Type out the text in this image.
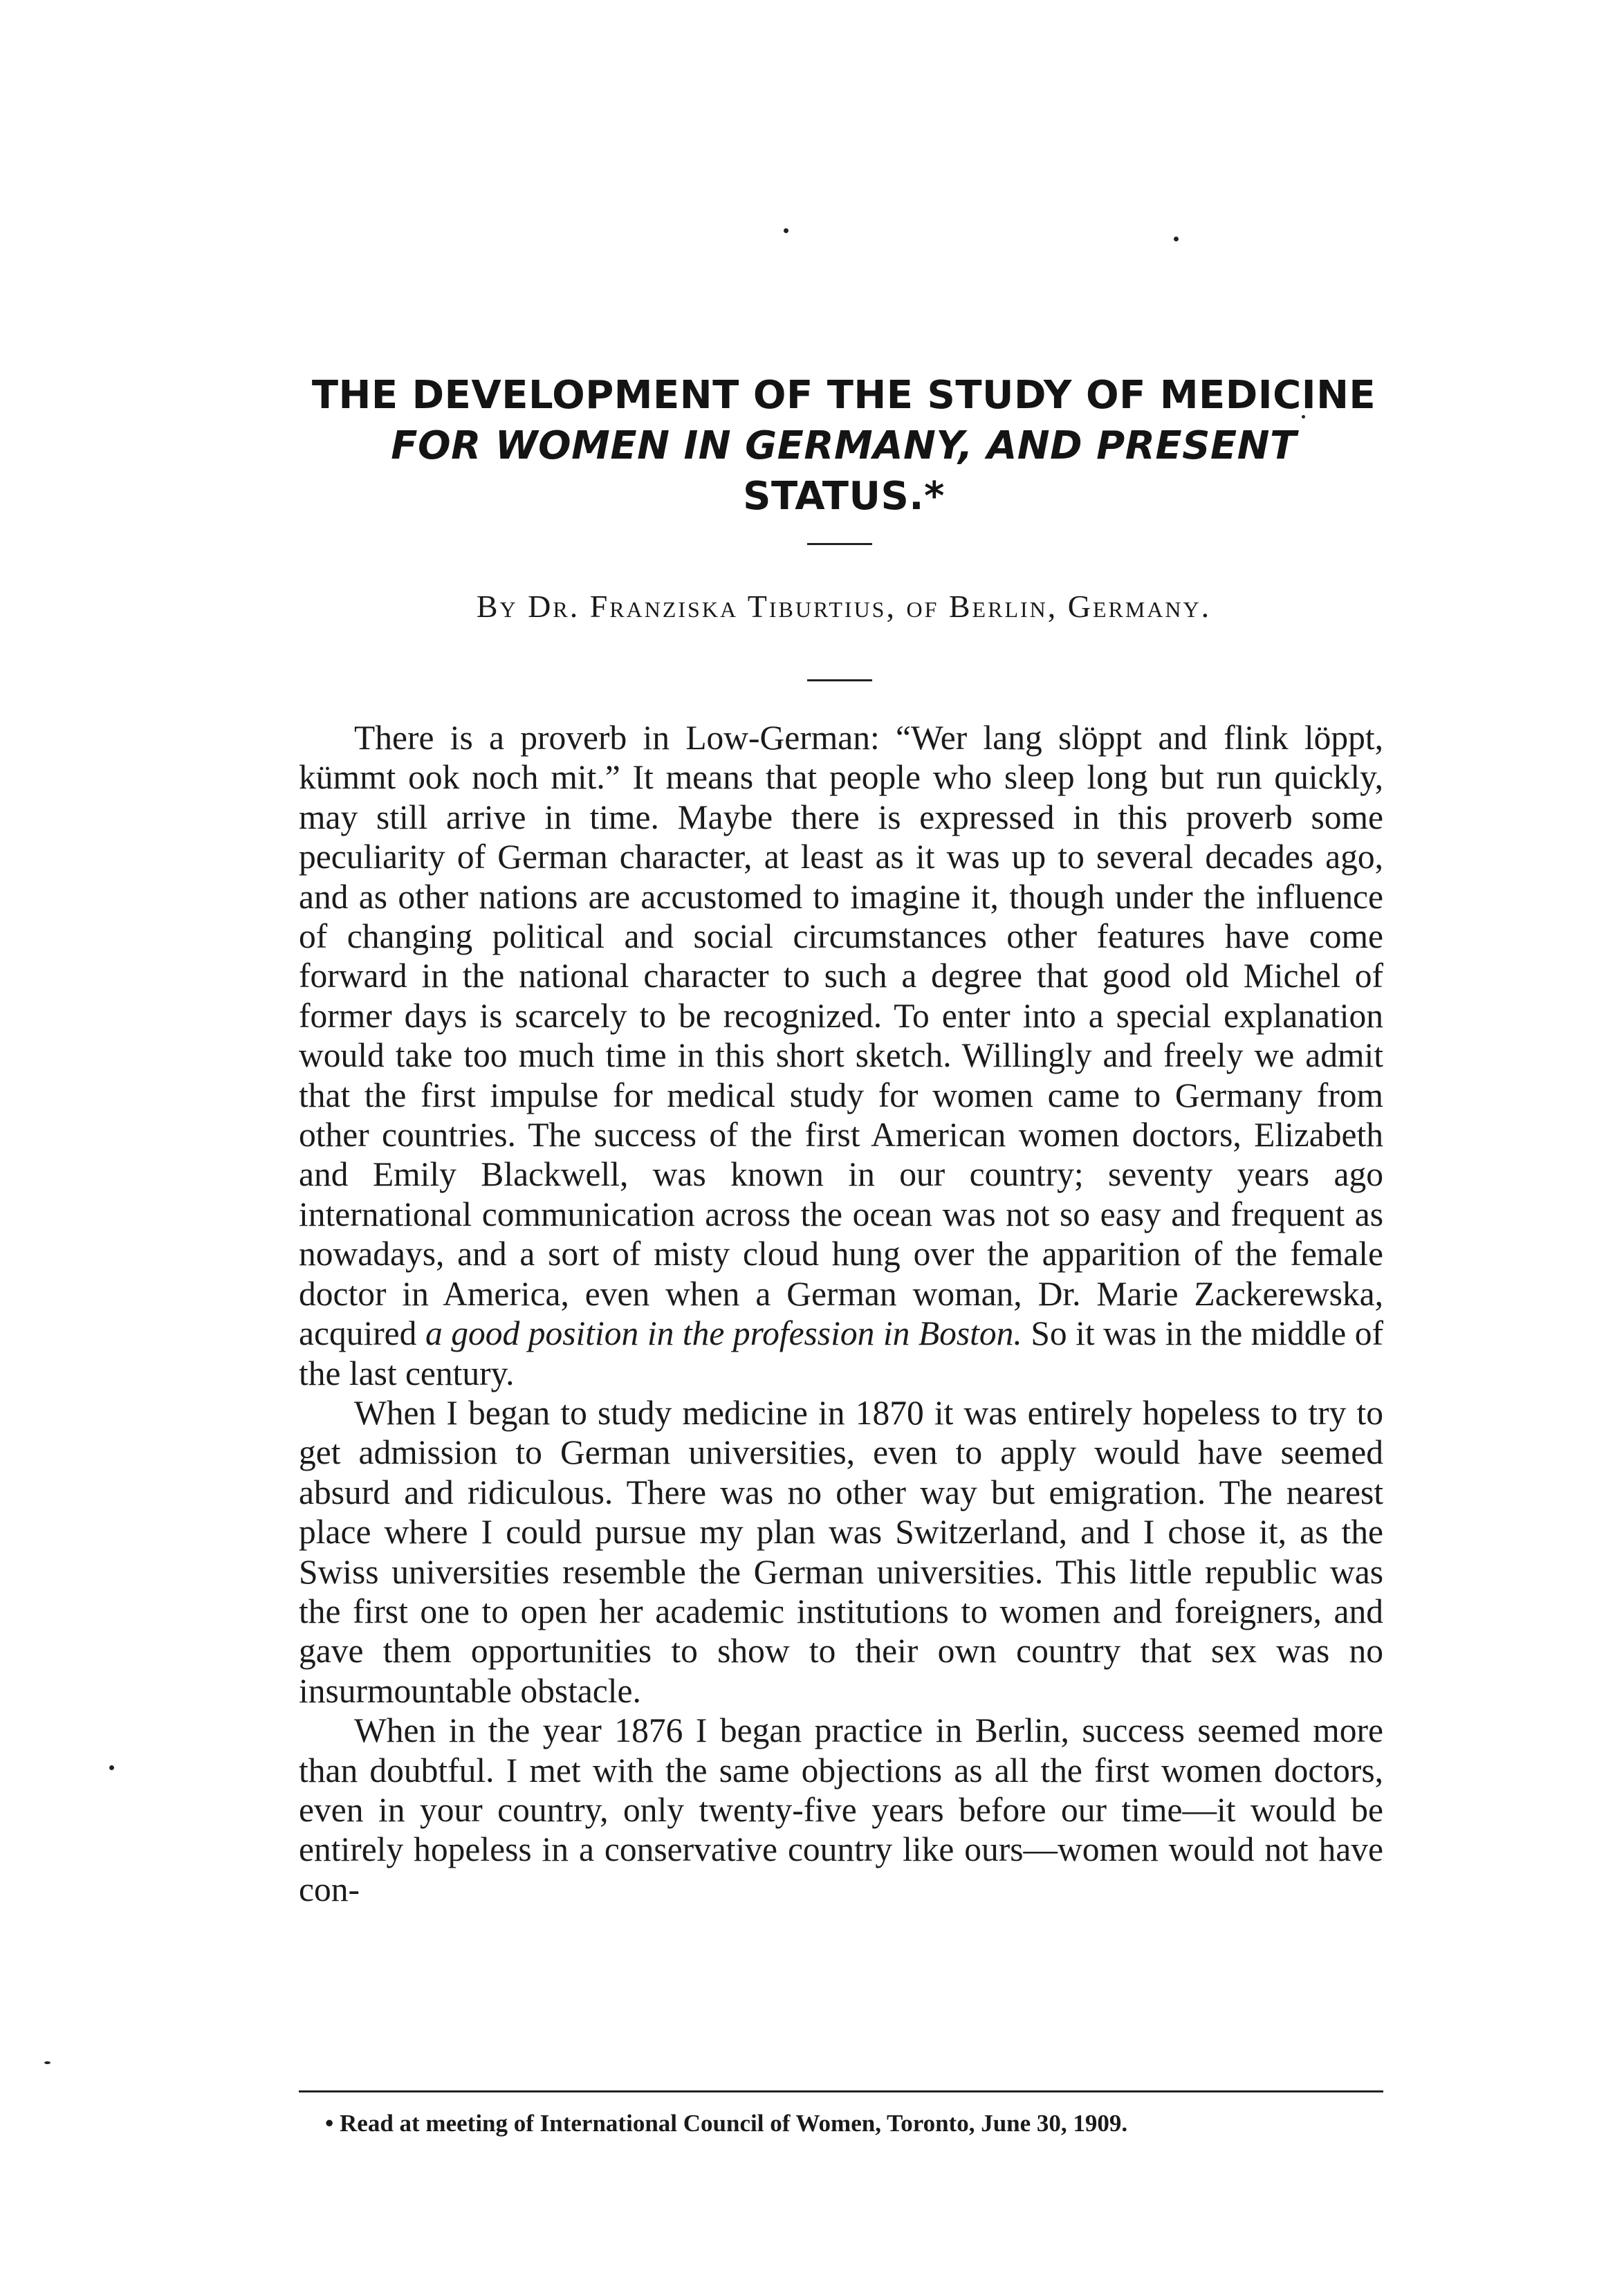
THE DEVELOPMENT OF THE STUDY OF MEDICINE
FOR WOMEN IN GERMANY, AND PRESENT
STATUS.*

By Dr. Franziska Tiburtius, of Berlin, Germany.

There is a proverb in Low-German: “Wer lang slöppt and flink löppt, kümmt ook noch mit.” It means that people who sleep long but run quickly, may still arrive in time. Maybe there is expressed in this proverb some peculiarity of German character, at least as it was up to several decades ago, and as other nations are accustomed to imagine it, though under the influence of changing political and social circumstances other features have come forward in the national character to such a degree that good old Michel of former days is scarcely to be recognized. To enter into a special explanation would take too much time in this short sketch. Willingly and freely we admit that the first impulse for medical study for women came to Germany from other countries. The success of the first American women doctors, Elizabeth and Emily Blackwell, was known in our country; seventy years ago international communication across the ocean was not so easy and frequent as nowadays, and a sort of misty cloud hung over the apparition of the female doctor in America, even when a German woman, Dr. Marie Zackerewska, acquired a good position in the profession in Boston. So it was in the middle of the last century.

When I began to study medicine in 1870 it was entirely hopeless to try to get admission to German universities, even to apply would have seemed absurd and ridiculous. There was no other way but emigration. The nearest place where I could pursue my plan was Switzerland, and I chose it, as the Swiss universities resemble the German universities. This little republic was the first one to open her academic institutions to women and foreigners, and gave them opportunities to show to their own country that sex was no insurmountable obstacle.

When in the year 1876 I began practice in Berlin, success seemed more than doubtful. I met with the same objections as all the first women doctors, even in your country, only twenty-five years before our time—it would be entirely hopeless in a conservative country like ours—women would not have con-

• Read at meeting of International Council of Women, Toronto, June 30, 1909.
